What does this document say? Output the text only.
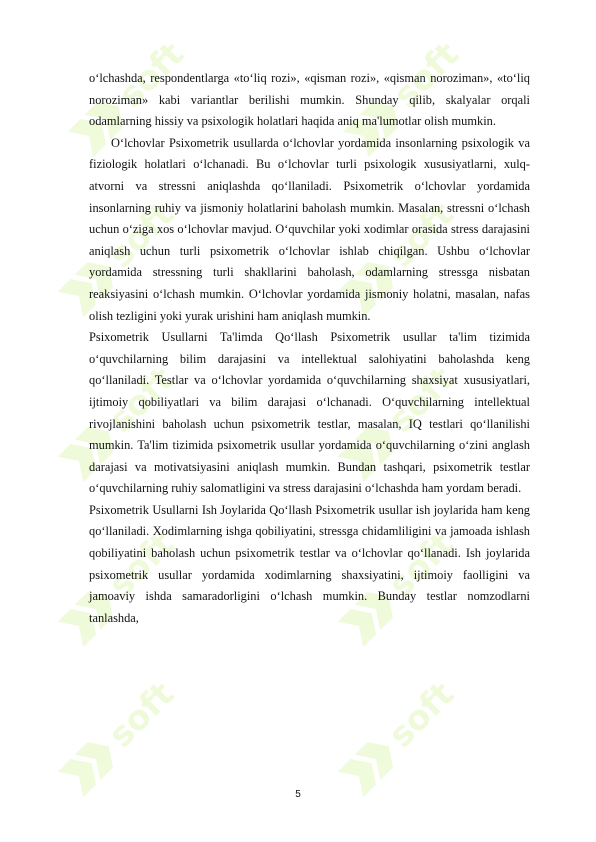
soft	soft
soft	soft
soft	soft
soft	soft
soft	soft

o‘lchashda, respondentlarga «to‘liq rozi», «qisman rozi», «qisman noroziman», «to‘liq noroziman» kabi variantlar berilishi mumkin. Shunday qilib, skalyalar orqali odamlarning hissiy va psixologik holatlari haqida aniq ma'lumotlar olish mumkin.

O‘lchovlar Psixometrik usullarda o‘lchovlar yordamida insonlarning psixologik va fiziologik holatlari o‘lchanadi. Bu o‘lchovlar turli psixologik xususiyatlarni, xulq-atvorni va stressni aniqlashda qo‘llaniladi. Psixometrik o‘lchovlar yordamida insonlarning ruhiy va jismoniy holatlarini baholash mumkin. Masalan, stressni o‘lchash uchun o‘ziga xos o‘lchovlar mavjud. O‘quvchilar yoki xodimlar orasida stress darajasini aniqlash uchun turli psixometrik o‘lchovlar ishlab chiqilgan. Ushbu o‘lchovlar yordamida stressning turli shakllarini baholash, odamlarning stressga nisbatan reaksiyasini o‘lchash mumkin. O‘lchovlar yordamida jismoniy holatni, masalan, nafas olish tezligini yoki yurak urishini ham aniqlash mumkin.

Psixometrik Usullarni Ta'limda Qo‘llash Psixometrik usullar ta'lim tizimida o‘quvchilarning bilim darajasini va intellektual salohiyatini baholashda keng qo‘llaniladi. Testlar va o‘lchovlar yordamida o‘quvchilarning shaxsiyat xususiyatlari, ijtimoiy qobiliyatlari va bilim darajasi o‘lchanadi. O‘quvchilarning intellektual rivojlanishini baholash uchun psixometrik testlar, masalan, IQ testlari qo‘llanilishi mumkin. Ta'lim tizimida psixometrik usullar yordamida o‘quvchilarning o‘zini anglash darajasi va motivatsiyasini aniqlash mumkin. Bundan tashqari, psixometrik testlar o‘quvchilarning ruhiy salomatligini va stress darajasini o‘lchashda ham yordam beradi.

Psixometrik Usullarni Ish Joylarida Qo‘llash Psixometrik usullar ish joylarida ham keng qo‘llaniladi. Xodimlarning ishga qobiliyatini, stressga chidamliligini va jamoada ishlash qobiliyatini baholash uchun psixometrik testlar va o‘lchovlar qo‘llanadi. Ish joylarida psixometrik usullar yordamida xodimlarning shaxsiyatini, ijtimoiy faolligini va jamoaviy ishda samaradorligini o‘lchash mumkin. Bunday testlar nomzodlarni tanlashda,

5
